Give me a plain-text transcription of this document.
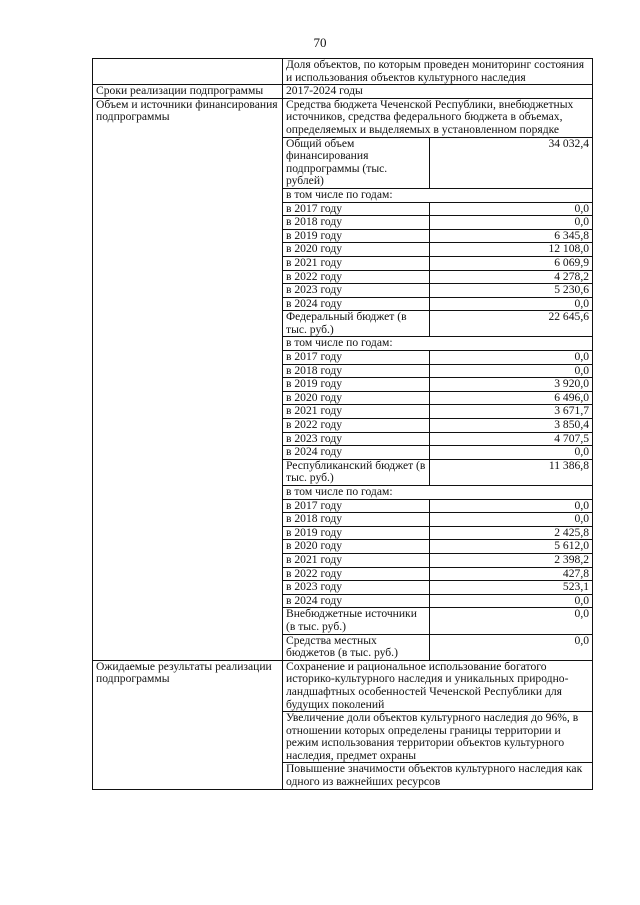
70
	Доля объектов, по которым проведен мониторинг состояния и использования объектов культурного наследия	
Сроки реализации подпрограммы	2017-2024 годы	
Объем и источники финансирования подпрограммы	Средства бюджета Чеченской Республики, внебюджетных источников, средства федерального бюджета в объемах, определяемых и выделяемых в установленном порядке	
	Общий объем финансирования подпрограммы (тыс. рублей)	34 032,4
	в том числе по годам:	
	в 2017 году	0,0
	в 2018 году	0,0
	в 2019 году	6 345,8
	в 2020 году	12 108,0
	в 2021 году	6 069,9
	в 2022 году	4 278,2
	в 2023 году	5 230,6
	в 2024 году	0,0
	Федеральный бюджет (в тыс. руб.)	22 645,6
	в том числе по годам:	
	в 2017 году	0,0
	в 2018 году	0,0
	в 2019 году	3 920,0
	в 2020 году	6 496,0
	в 2021 году	3 671,7
	в 2022 году	3 850,4
	в 2023 году	4 707,5
	в 2024 году	0,0
	Республиканский бюджет (в тыс. руб.)	11 386,8
	в том числе по годам:	
	в 2017 году	0,0
	в 2018 году	0,0
	в 2019 году	2 425,8
	в 2020 году	5 612,0
	в 2021 году	2 398,2
	в 2022 году	427,8
	в 2023 году	523,1
	в 2024 году	0,0
	Внебюджетные источники (в тыс. руб.)	0,0
	Средства местных бюджетов (в тыс. руб.)	0,0
Ожидаемые результаты реализации подпрограммы	Сохранение и рациональное использование богатого историко-культурного наследия и уникальных природно-ландшафтных особенностей Чеченской Республики для будущих поколений	
	Увеличение доли объектов культурного наследия до 96%, в отношении которых определены границы территории и режим использования территории объектов культурного наследия, предмет охраны	
	Повышение значимости объектов культурного наследия как одного из важнейших ресурсов	
